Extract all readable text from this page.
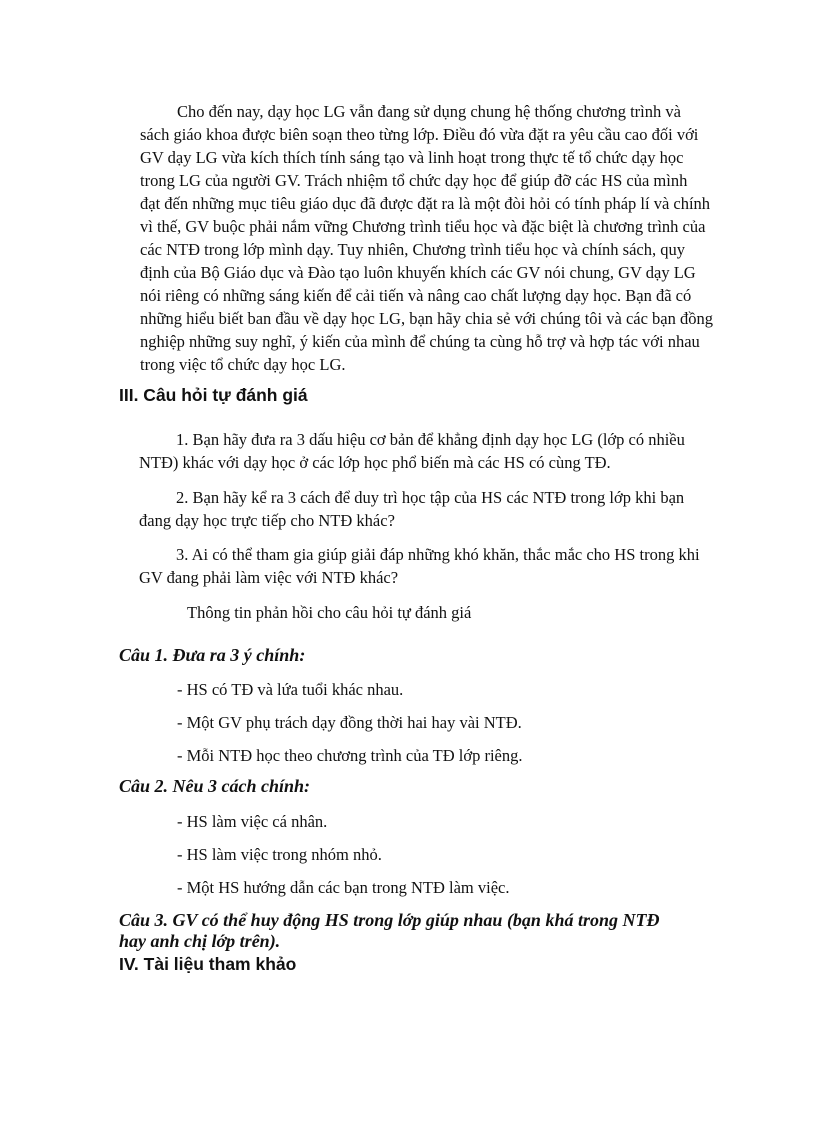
Cho đến nay, dạy học LG vẫn đang sử dụng chung hệ thống chương trình và
sách giáo khoa được biên soạn theo từng lớp. Điều đó vừa đặt ra yêu cầu cao đối với
GV dạy LG vừa kích thích tính sáng tạo và linh hoạt trong thực tế tổ chức dạy học
trong LG của người GV. Trách nhiệm tổ chức dạy học để giúp đỡ các HS của mình
đạt đến những mục tiêu giáo dục đã được đặt ra là một đòi hỏi có tính pháp lí và chính
vì thế, GV buộc phải nắm vững Chương trình tiểu học và đặc biệt là chương trình của
các NTĐ trong lớp mình dạy. Tuy nhiên, Chương trình tiểu học và chính sách, quy
định của Bộ Giáo dục và Đào tạo luôn khuyến khích các GV nói chung, GV dạy LG
nói riêng có những sáng kiến để cải tiến và nâng cao chất lượng dạy học. Bạn đã có
những hiểu biết ban đầu về dạy học LG, bạn hãy chia sẻ với chúng tôi và các bạn đồng
nghiệp những suy nghĩ, ý kiến của mình để chúng ta cùng hỗ trợ và hợp tác với nhau
trong việc tổ chức dạy học LG.
III. Câu hỏi tự đánh giá
1. Bạn hãy đưa ra 3 dấu hiệu cơ bản để khẳng định dạy học LG (lớp có nhiều
NTĐ) khác với dạy học ở các lớp học phổ biến mà các HS có cùng TĐ.
2. Bạn hãy kể ra 3 cách để duy trì học tập của HS các NTĐ trong lớp khi bạn
đang dạy học trực tiếp cho NTĐ khác?
3. Ai có thể tham gia giúp giải đáp những khó khăn, thắc mắc cho HS trong khi
GV đang phải làm việc với NTĐ khác?

Thông tin phản hồi cho câu hỏi tự đánh giá

Câu 1. Đưa ra 3 ý chính:

- HS có TĐ và lứa tuổi khác nhau.

- Một GV phụ trách dạy đồng thời hai hay vài NTĐ.

- Mỗi NTĐ học theo chương trình của TĐ lớp riêng.

Câu 2. Nêu 3 cách chính:

- HS làm việc cá nhân.

- HS làm việc trong nhóm nhỏ.

- Một HS hướng dẫn các bạn trong NTĐ làm việc.

Câu 3. GV có thể huy động HS trong lớp giúp nhau (bạn khá trong NTĐ

hay anh chị lớp trên).

IV. Tài liệu tham khảo
